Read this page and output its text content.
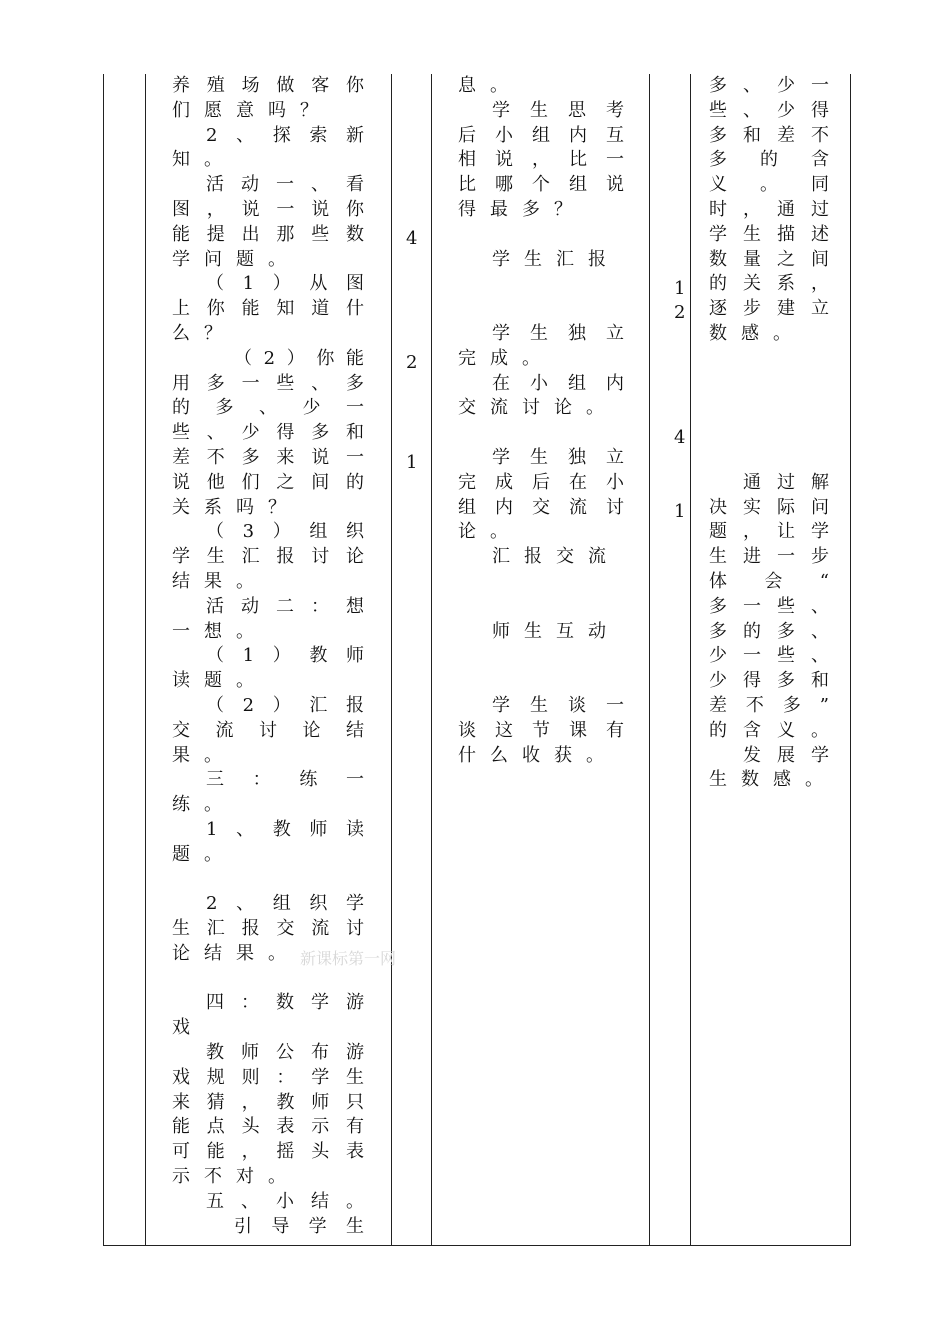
养 殖 场 做 客 你
们 愿 意 吗 ？
2 、 探 索 新
知 。
活 动 一 、 看
图 ， 说 一 说 你
能 提 出 那 些 数
学 问 题 。
（ 1 ） 从 图
上 你 能 知 道 什
么 ？
（ 2 ） 你 能
用 多 一 些 、 多
的 多 、 少 一
些 、 少 得 多 和
差 不 多 来 说 一
说 他 们 之 间 的
关 系 吗 ？
（ 3 ） 组 织
学 生 汇 报 讨 论
结 果 。
活 动 二 ： 想
一 想 。
（ 1 ） 教 师
读 题 。
（ 2 ） 汇 报
交 流 讨 论 结
果 。
三 ： 练 一
练 。
1 、 教 师 读
题 。

2 、 组 织 学
生 汇 报 交 流 讨
论 结 果 。

四 ： 数 学 游
戏
教 师 公 布 游
戏 规 则 ： 学 生
来 猜 ， 教 师 只
能 点 头 表 示 有
可 能 ， 摇 头 表
示 不 对 。
五 、 小 结 。
引 导 学 生
新课标第一网
4
2
1
息 。
学 生 思 考
后 小 组 内 互
相 说 ， 比 一
比 哪 个 组 说
得 最 多 ？

学 生 汇 报

学 生 独 立
完 成 。
在 小 组 内
交 流 讨 论 。

学 生 独 立
完 成 后 在 小
组 内 交 流 讨
论 。
汇 报 交 流

师 生 互 动

学 生 谈 一
谈 这 节 课 有
什 么 收 获 。
1
2
4
1
多 、 少 一
些 、 少 得
多 和 差 不
多 的 含
义 。 同
时 ， 通 过
学 生 描 述
数 量 之 间
的 关 系 ，
逐 步 建 立
数 感 。

通 过 解
决 实 际 问
题 ， 让 学
生 进 一 步
体 会 “
多 一 些 、
多 的 多 、
少 一 些 、
少 得 多 和
差 不 多 ”
的 含 义 。
发 展 学
生 数 感 。
